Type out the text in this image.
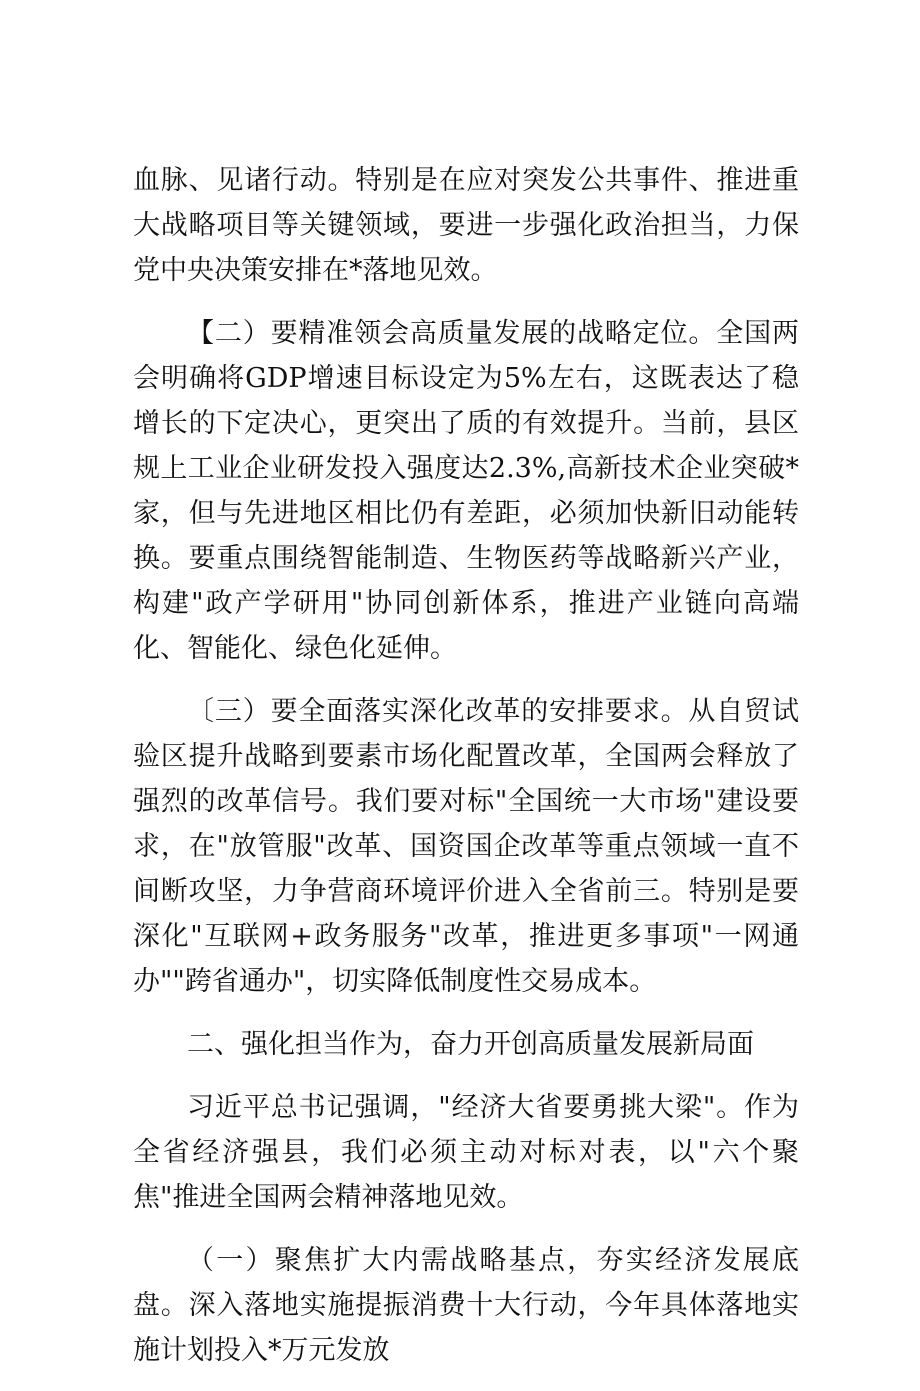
血脉、见诸行动。特别是在应对突发公共事件、推进重大战略项目等关键领域，要进一步强化政治担当，力保党中央决策安排在*落地见效。

【二）要精准领会高质量发展的战略定位。全国两会明确将GDP增速目标设定为5%左右，这既表达了稳增长的下定决心，更突出了质的有效提升。当前，县区规上工业企业研发投入强度达2.3%,高新技术企业突破*家，但与先进地区相比仍有差距，必须加快新旧动能转换。要重点围绕智能制造、生物医药等战略新兴产业，构建"政产学研用"协同创新体系，推进产业链向高端化、智能化、绿色化延伸。

〔三）要全面落实深化改革的安排要求。从自贸试验区提升战略到要素市场化配置改革，全国两会释放了强烈的改革信号。我们要对标"全国统一大市场"建设要求，在"放管服"改革、国资国企改革等重点领域一直不间断攻坚，力争营商环境评价进入全省前三。特别是要深化"互联网+政务服务"改革，推进更多事项"一网通办""跨省通办"，切实降低制度性交易成本。

二、强化担当作为，奋力开创高质量发展新局面

习近平总书记强调，"经济大省要勇挑大梁"。作为全省经济强县，我们必须主动对标对表，以"六个聚焦"推进全国两会精神落地见效。

（一）聚焦扩大内需战略基点，夯实经济发展底盘。深入落地实施提振消费十大行动，今年具体落地实施计划投入*万元发放
